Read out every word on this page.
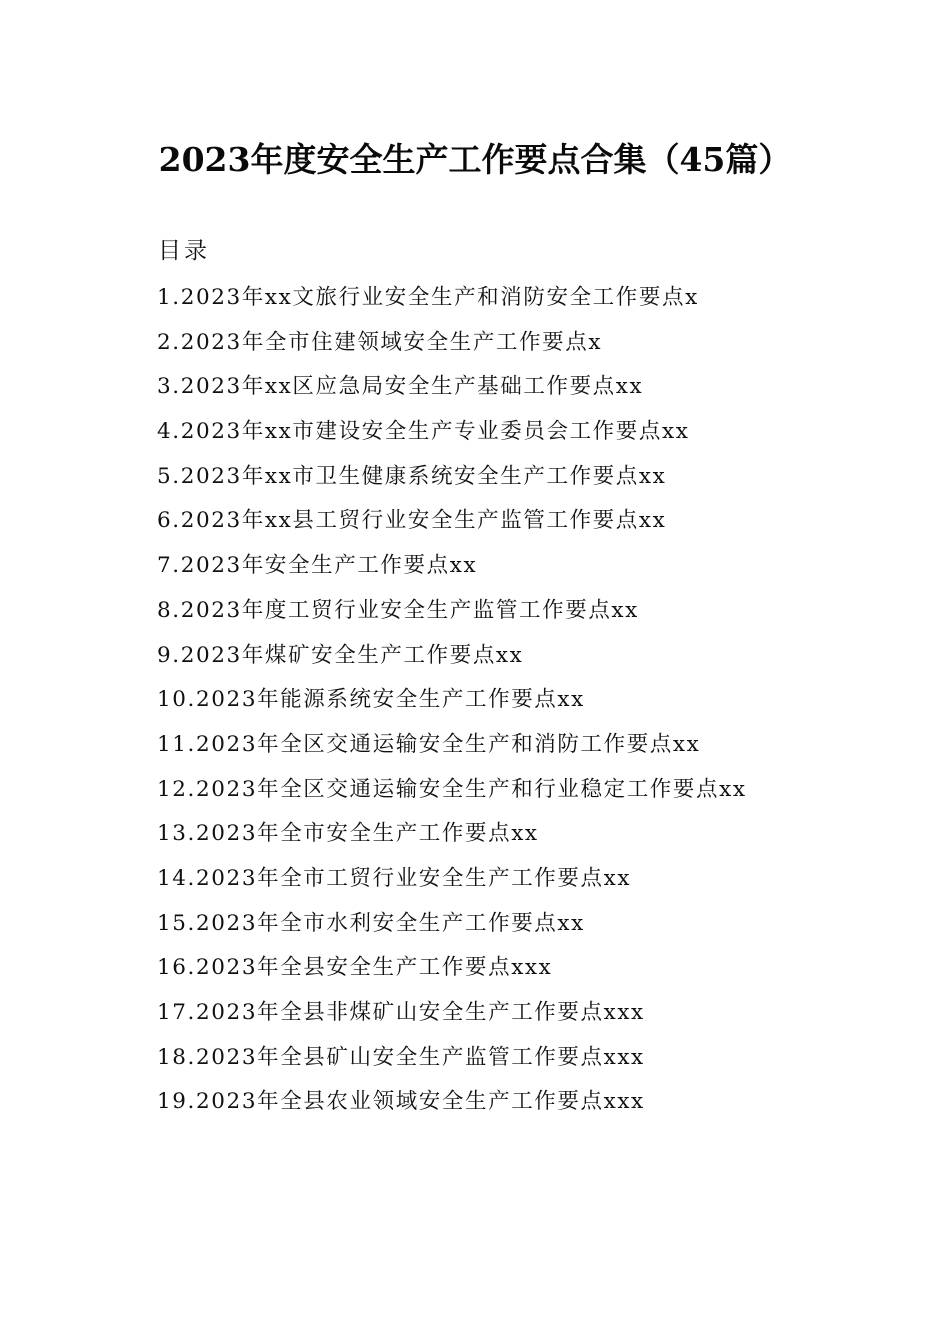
2023年度安全生产工作要点合集（45篇）
目录
1.2023年xx文旅行业安全生产和消防安全工作要点x
2.2023年全市住建领域安全生产工作要点x
3.2023年xx区应急局安全生产基础工作要点xx
4.2023年xx市建设安全生产专业委员会工作要点xx
5.2023年xx市卫生健康系统安全生产工作要点xx
6.2023年xx县工贸行业安全生产监管工作要点xx
7.2023年安全生产工作要点xx
8.2023年度工贸行业安全生产监管工作要点xx
9.2023年煤矿安全生产工作要点xx
10.2023年能源系统安全生产工作要点xx
11.2023年全区交通运输安全生产和消防工作要点xx
12.2023年全区交通运输安全生产和行业稳定工作要点xx
13.2023年全市安全生产工作要点xx
14.2023年全市工贸行业安全生产工作要点xx
15.2023年全市水利安全生产工作要点xx
16.2023年全县安全生产工作要点xxx
17.2023年全县非煤矿山安全生产工作要点xxx
18.2023年全县矿山安全生产监管工作要点xxx
19.2023年全县农业领域安全生产工作要点xxx
